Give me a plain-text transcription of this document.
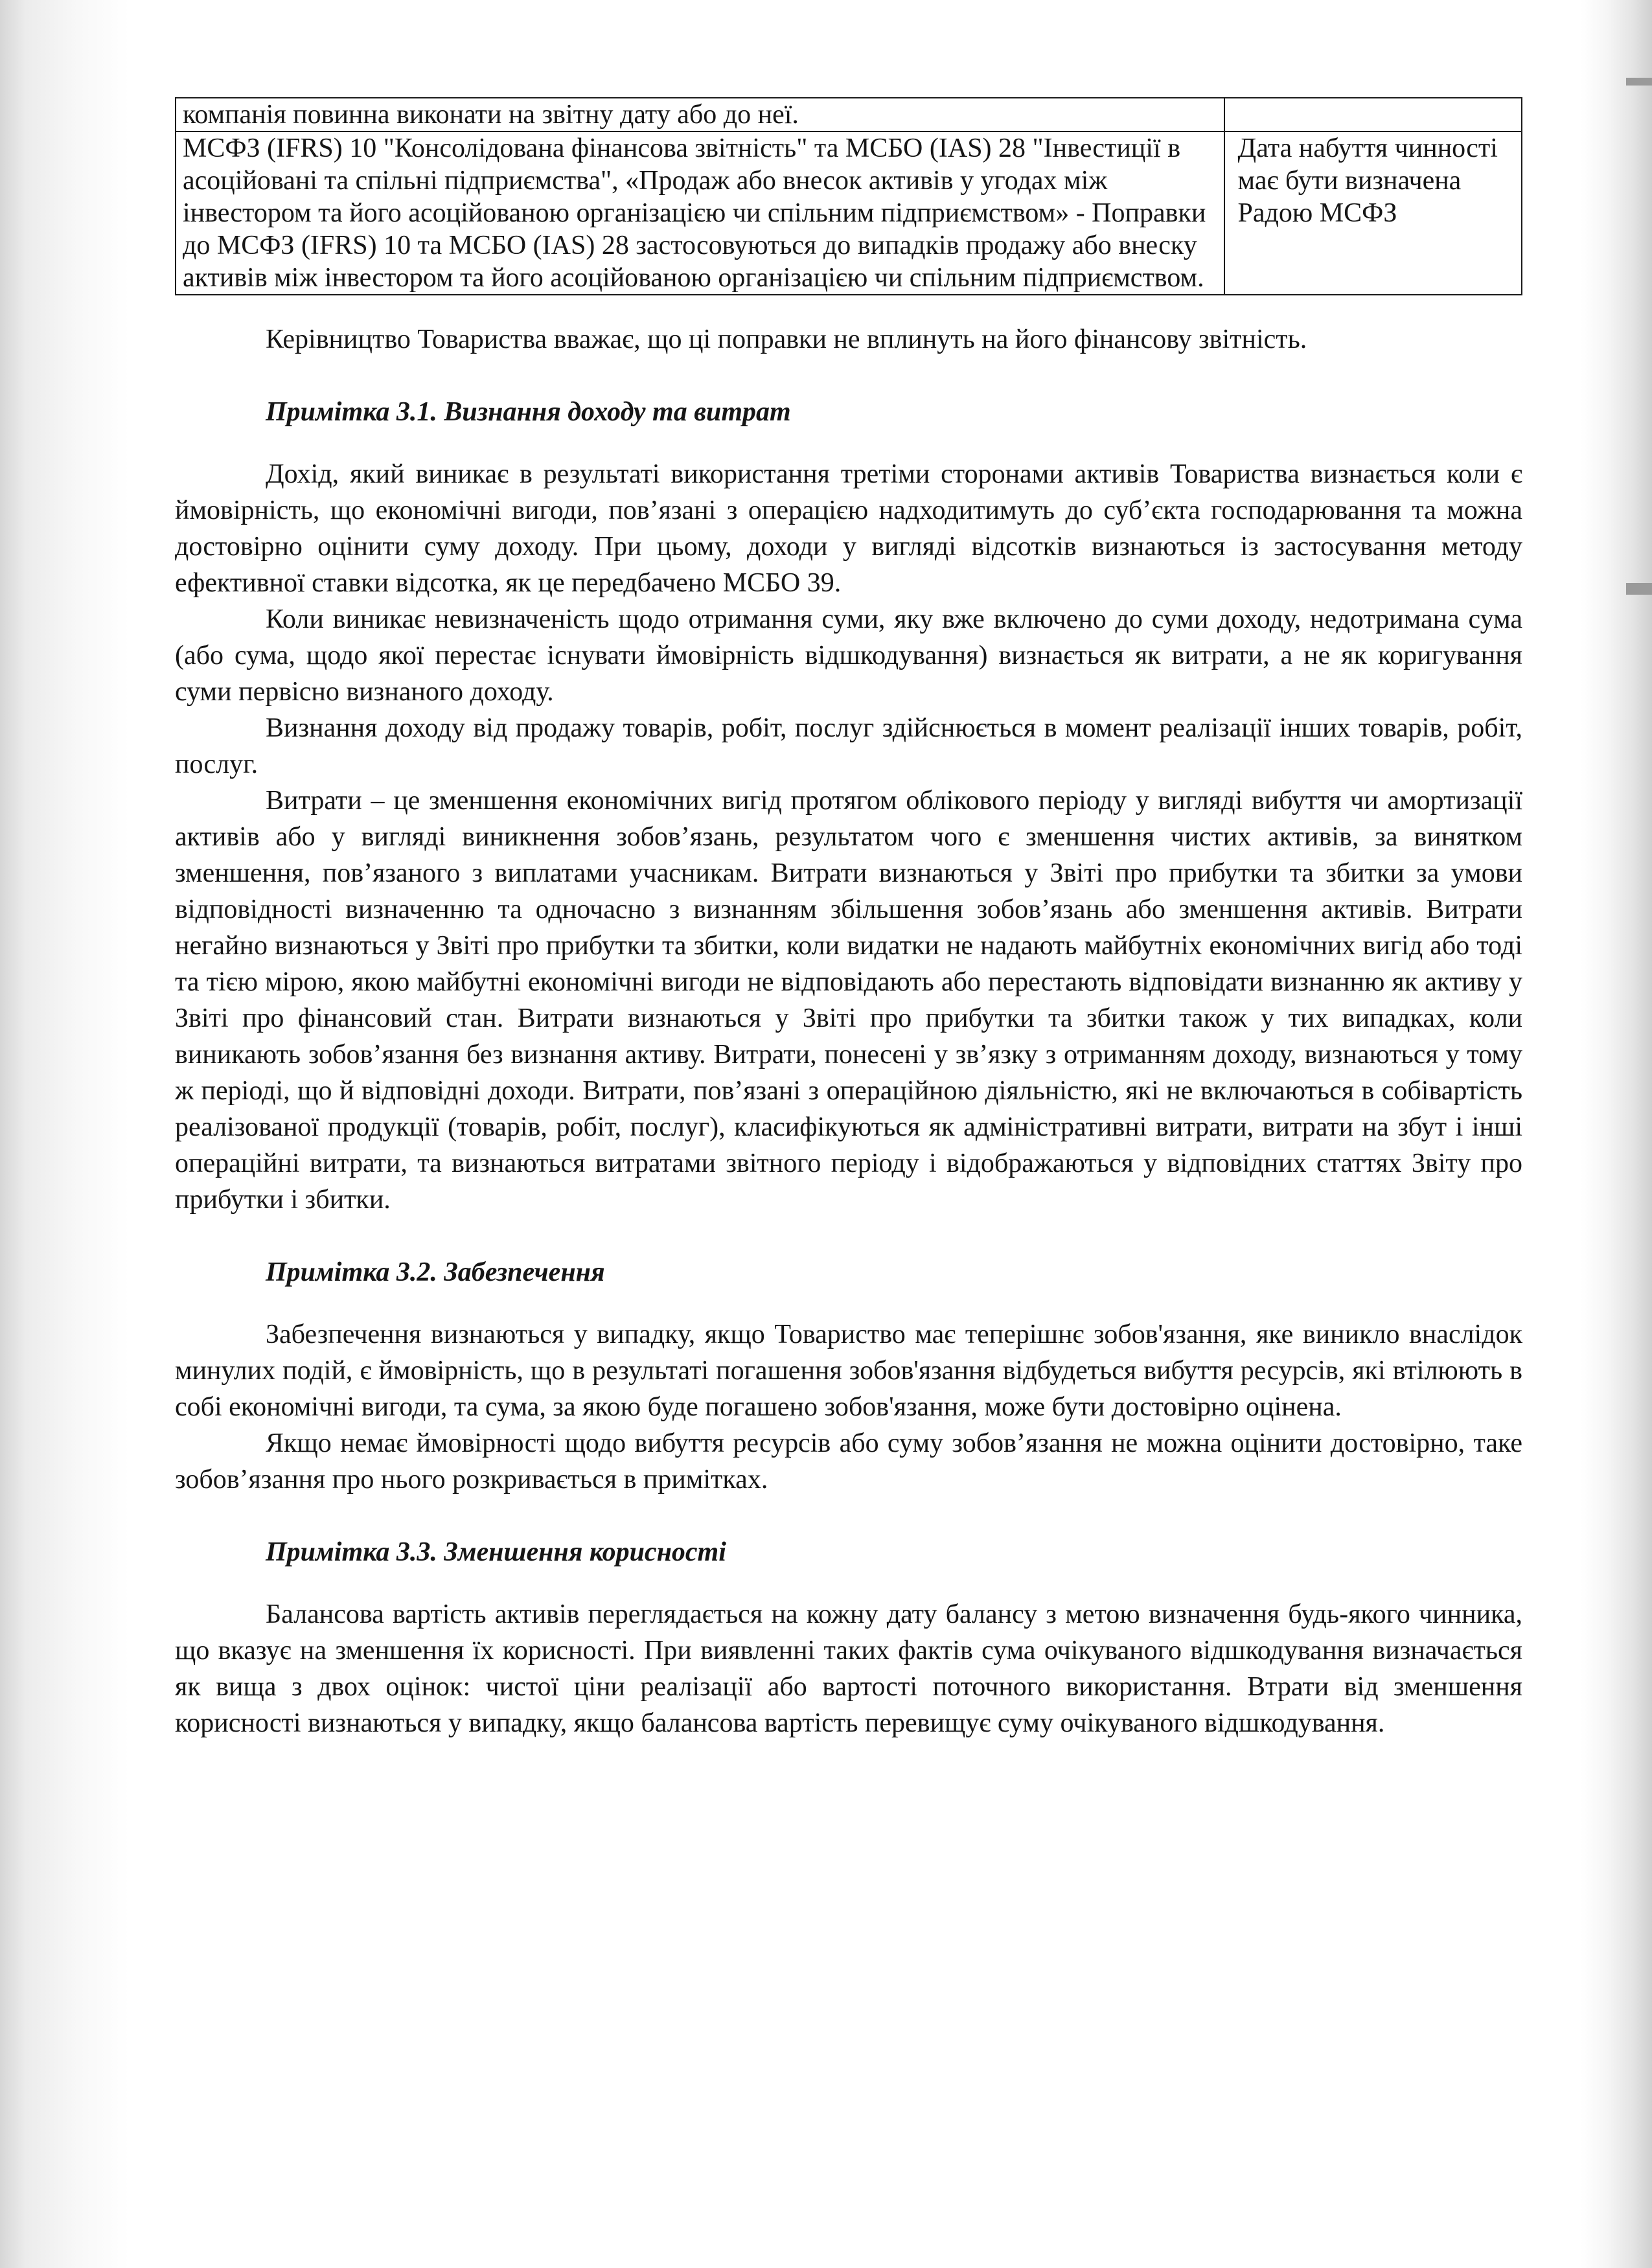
компанія повинна виконати на звітну дату або до неї.	
МСФЗ (IFRS) 10 "Консолідована фінансова звітність" та МСБО (IAS) 28 "Інвестиції в асоційовані та спільні підприємства", «Продаж або внесок активів у угодах між інвестором та його асоційованою організацією чи спільним підприємством» - Поправки до МСФЗ (IFRS) 10 та МСБО (IAS) 28 застосовуються до випадків продажу або внеску активів між інвестором та його асоційованою організацією чи спільним підприємством.	Дата набуття чинності має бути визначена Радою МСФЗ

Керівництво Товариства вважає, що ці поправки не вплинуть на його фінансову звітність.

Примітка 3.1. Визнання доходу та витрат

Дохід, який виникає в результаті використання третіми сторонами активів Товариства визнається коли є ймовірність, що економічні вигоди, пов’язані з операцією надходитимуть до суб’єкта господарювання та можна достовірно оцінити суму доходу. При цьому, доходи у вигляді відсотків визнаються із застосування методу ефективної ставки відсотка, як це передбачено МСБО 39.

Коли виникає невизначеність щодо отримання суми, яку вже включено до суми доходу, недотримана сума (або сума, щодо якої перестає існувати ймовірність відшкодування) визнається як витрати, а не як коригування суми первісно визнаного доходу.

Визнання доходу від продажу товарів, робіт, послуг здійснюється в момент реалізації інших товарів, робіт, послуг.

Витрати – це зменшення економічних вигід протягом облікового періоду у вигляді вибуття чи амортизації активів або у вигляді виникнення зобов’язань, результатом чого є зменшення чистих активів, за винятком зменшення, пов’язаного з виплатами учасникам. Витрати визнаються у Звіті про прибутки та збитки за умови відповідності визначенню та одночасно з визнанням збільшення зобов’язань або зменшення активів. Витрати негайно визнаються у Звіті про прибутки та збитки, коли видатки не надають майбутніх економічних вигід або тоді та тією мірою, якою майбутні економічні вигоди не відповідають або перестають відповідати визнанню як активу у Звіті про фінансовий стан. Витрати визнаються у Звіті про прибутки та збитки також у тих випадках, коли виникають зобов’язання без визнання активу. Витрати, понесені у зв’язку з отриманням доходу, визнаються у тому ж періоді, що й відповідні доходи. Витрати, пов’язані з операційною діяльністю, які не включаються в собівартість реалізованої продукції (товарів, робіт, послуг), класифікуються як адміністративні витрати, витрати на збут і інші операційні витрати, та визнаються витратами звітного періоду і відображаються у відповідних статтях Звіту про прибутки і збитки.

Примітка 3.2. Забезпечення

Забезпечення визнаються у випадку, якщо Товариство має теперішнє зобов'язання, яке виникло внаслідок минулих подій, є ймовірність, що в результаті погашення зобов'язання відбудеться вибуття ресурсів, які втілюють в собі економічні вигоди, та сума, за якою буде погашено зобов'язання, може бути достовірно оцінена.

Якщо немає ймовірності щодо вибуття ресурсів або суму зобов’язання не можна оцінити достовірно, таке зобов’язання про нього розкривається в примітках.

Примітка 3.3. Зменшення корисності

Балансова вартість активів переглядається на кожну дату балансу з метою визначення будь-якого чинника, що вказує на зменшення їх корисності. При виявленні таких фактів сума очікуваного відшкодування визначається як вища з двох оцінок: чистої ціни реалізації або вартості поточного використання. Втрати від зменшення корисності визнаються у випадку, якщо балансова вартість перевищує суму очікуваного відшкодування.
